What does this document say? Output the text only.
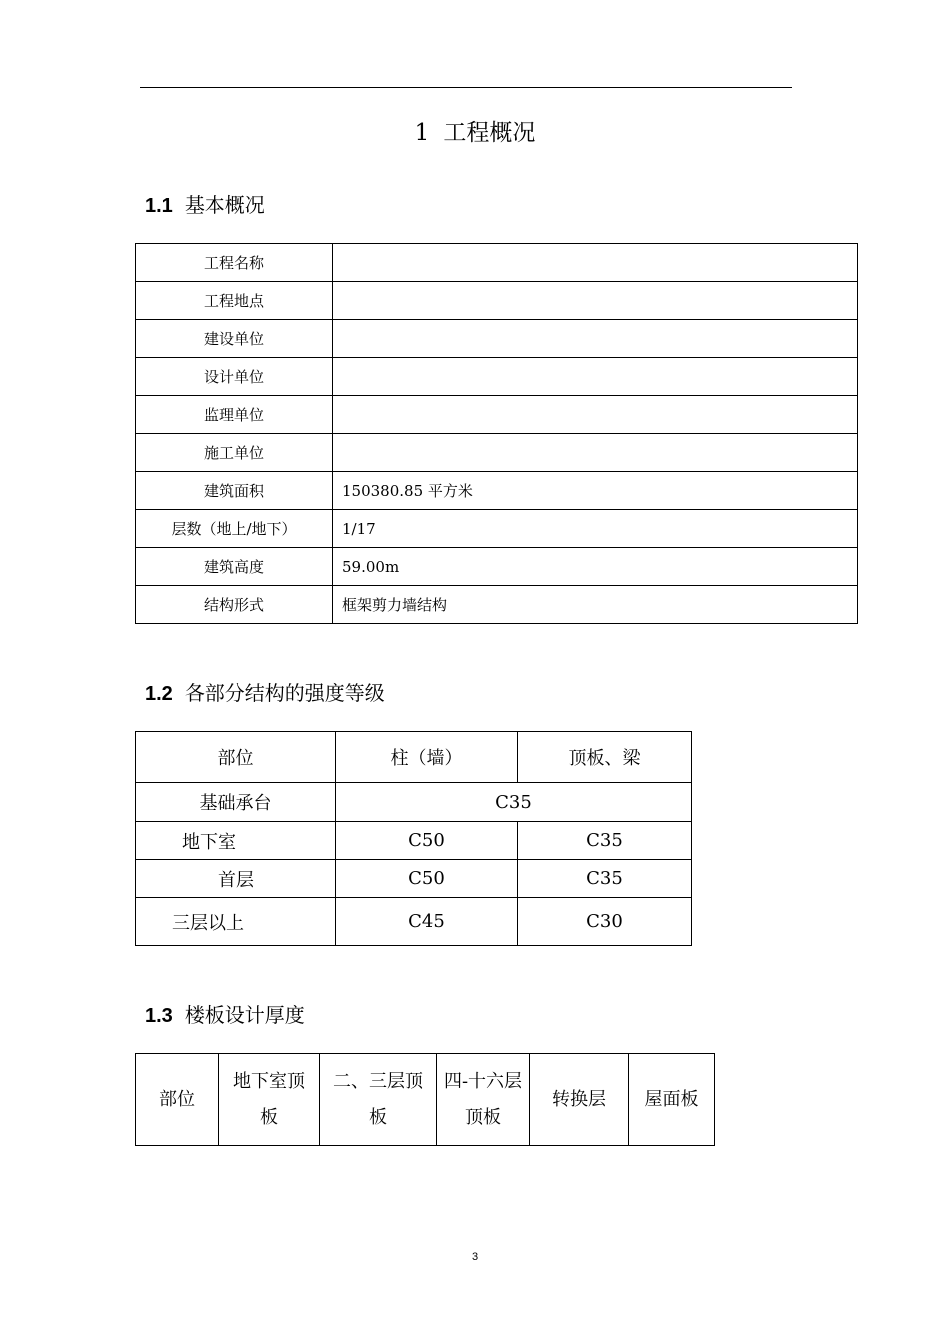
1 工程概况
1.1 基本概况
工程名称	
工程地点	
建设单位	
设计单位	
监理单位	
施工单位	
建筑面积	150380.85 平方米
层数（地上/地下）	1/17
建筑高度	59.00m
结构形式	框架剪力墙结构
1.2 各部分结构的强度等级
部位	柱（墙）	顶板、梁
基础承台	C35	
地下室	C50	C35
首层	C50	C35
三层以上	C45	C30
1.3 楼板设计厚度
部位	地下室顶板	二、三层顶板	四-十六层顶板	转换层	屋面板
3
